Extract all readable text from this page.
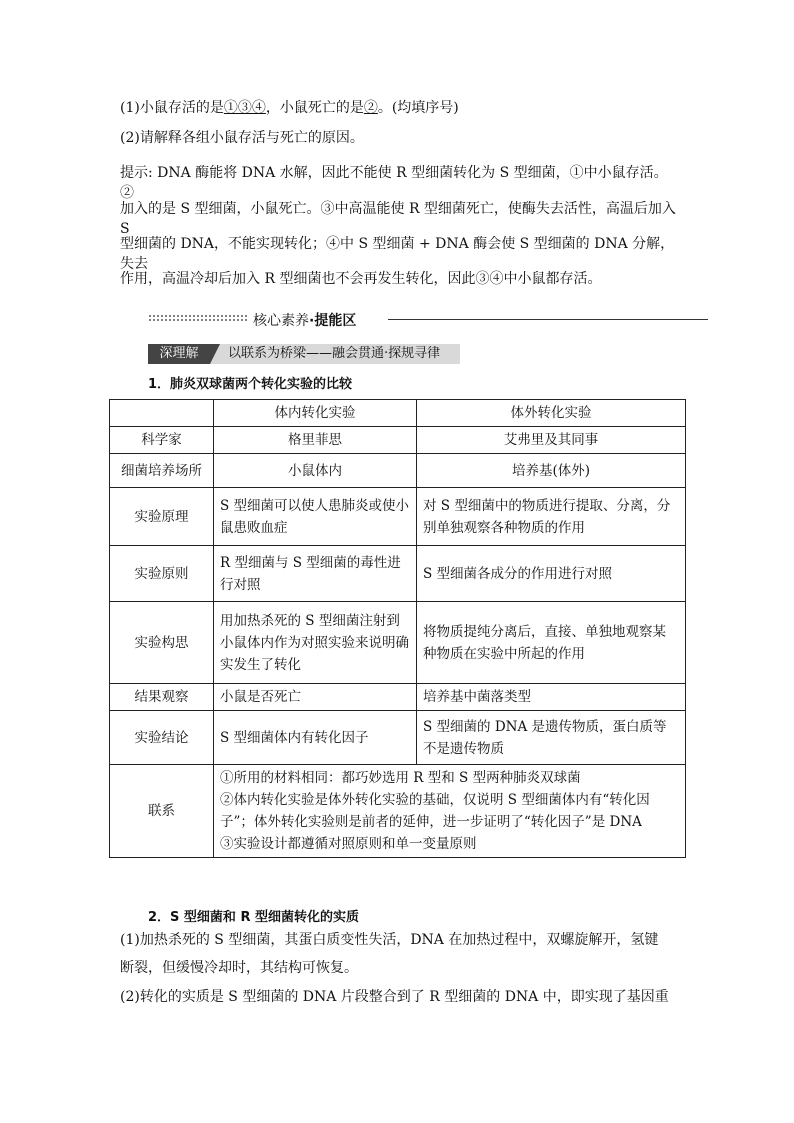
(1)小鼠存活的是①③④，小鼠死亡的是②。(均填序号)
(2)请解释各组小鼠存活与死亡的原因。
提示: DNA 酶能将 DNA 水解，因此不能使 R 型细菌转化为 S 型细菌，①中小鼠存活。②
加入的是 S 型细菌，小鼠死亡。③中高温能使 R 型细菌死亡，使酶失去活性，高温后加入 S
型细菌的 DNA，不能实现转化；④中 S 型细菌 + DNA 酶会使 S 型细菌的 DNA 分解，失去
作用，高温冷却后加入 R 型细菌也不会再发生转化，因此③④中小鼠都存活。
核心素养·提能区
深理解	以联系为桥梁——融会贯通·探规寻律
1．肺炎双球菌两个转化实验的比较
	体内转化实验	体外转化实验
科学家	格里菲思	艾弗里及其同事
细菌培养场所	小鼠体内	培养基(体外)
实验原理	S 型细菌可以使人患肺炎或使小鼠患败血症	对 S 型细菌中的物质进行提取、分离，分别单独观察各种物质的作用
实验原则	R 型细菌与 S 型细菌的毒性进行对照	S 型细菌各成分的作用进行对照
实验构思	用加热杀死的 S 型细菌注射到小鼠体内作为对照实验来说明确实发生了转化	将物质提纯分离后，直接、单独地观察某种物质在实验中所起的作用
结果观察	小鼠是否死亡	培养基中菌落类型
实验结论	S 型细菌体内有转化因子	S 型细菌的 DNA 是遗传物质，蛋白质等不是遗传物质
联系	①所用的材料相同：都巧妙选用 R 型和 S 型两种肺炎双球菌
②体内转化实验是体外转化实验的基础，仅说明 S 型细菌体内有“转化因子”；体外转化实验则是前者的延伸，进一步证明了“转化因子”是 DNA
③实验设计都遵循对照原则和单一变量原则	
2．S 型细菌和 R 型细菌转化的实质
(1)加热杀死的 S 型细菌，其蛋白质变性失活，DNA 在加热过程中，双螺旋解开，氢键
断裂，但缓慢冷却时，其结构可恢复。
(2)转化的实质是 S 型细菌的 DNA 片段整合到了 R 型细菌的 DNA 中，即实现了基因重
